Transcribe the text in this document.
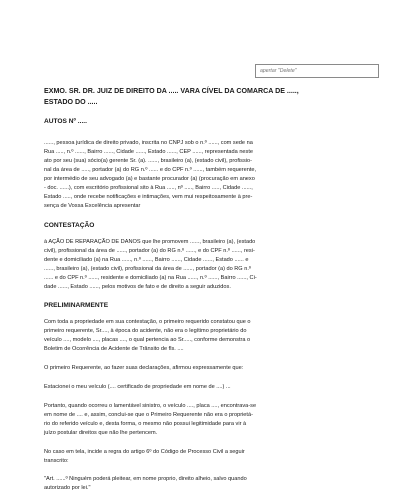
apertar "Delete"

EXMO. SR. DR. JUIZ DE DIREITO DA ..... VARA CÍVEL DA COMARCA DE .....,

ESTADO DO .....

AUTOS Nº .....

......, pessoa jurídica de direito privado, inscrita no CNPJ sob o n.º ......, com sede na

Rua ....., n.º ......, Bairro ......, Cidade ......, Estado ......, CEP ......, representada neste

ato por seu (sua) sócio(a) gerente Sr. (a). ......, brasileiro (a), (estado civil), profissio-

nal da área de ....., portador (a) do RG n.º ...... e do CPF n.º ......, também requerente,

por intermédio de seu advogado (a) e bastante procurador (a) (procuração em anexo

- doc. ......), com escritório profissional sito à Rua ....., nº ....., Bairro ....., Cidade ......,

Estado ....., onde recebe notificações e intimações, vem mui respeitosamente à pre-

sença de Vossa Excelência apresentar

CONTESTAÇÃO

à AÇÃO DE REPARAÇÃO DE DANOS que lhe promovem ......, brasileiro (a), (estado

civil), profissional da área de ......, portador (a) do RG n.º ......, e do CPF n.º ......, resi-

dente e domiciliado (a) na Rua ......, n.º ......, Bairro ......, Cidade ......, Estado ...... e

......, brasileiro (a), (estado civil), profissional da área de ......, portador (a) do RG n.º

...... e do CPF n.º ......, residente e domiciliado (a) na Rua ......, n.º ......, Bairro ......, Ci-

dade ......, Estado ......, pelos motivos de fato e de direito a seguir aduzidos.

PRELIMINARMENTE

Com toda a propriedade em sua contestação, o primeiro requerido constatou que o

primeiro requerente, Sr...., à época do acidente, não era o legítimo proprietário do

veículo ...., modelo ...., placas ...., o qual pertencia ao Sr....., conforme demonstra o

Boletim de Ocorrência de Acidente de Trânsito de fls. ....

O primeiro Requerente, ao fazer suas declarações, afirmou expressamente que:

Estacionei o meu veículo (.... certificado de propriedade em nome de ....) ...

Portanto, quando ocorreu o lamentável sinistro, o veículo ...., placa ...., encontrava-se

em nome de .... e, assim, conclui-se que o Primeiro Requerente não era o proprietá-

rio do referido veículo e, desta forma, o mesmo não possui legitimidade para vir à

juízo postular direitos que não lhe pertencem.

No caso em tela, incide a regra do artigo 6º do Código de Processo Civil a seguir

transcrito:

"Art. ......º Ninguém poderá pleitear, em nome proprio, direito alheio, salvo quando

autorizado por lei."
